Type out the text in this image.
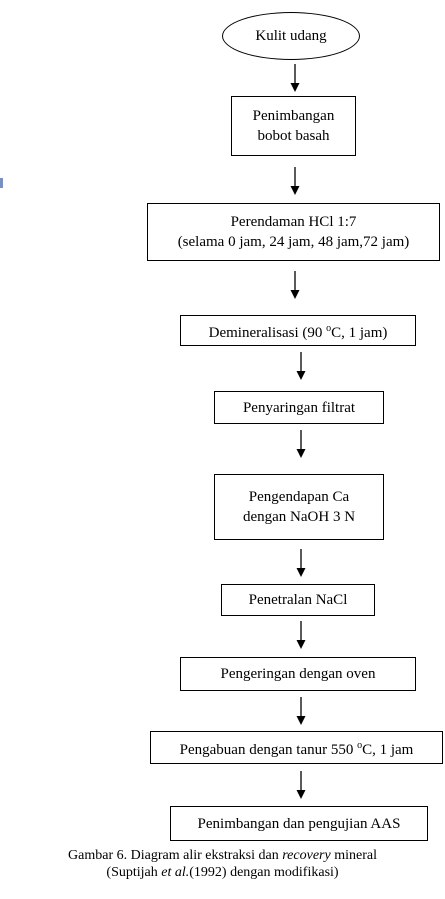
Kulit udang
Penimbangan
bobot basah
Perendaman HCl 1:7
(selama 0 jam, 24 jam, 48 jam,72 jam)
Demineralisasi (90 $^o$C, 1 jam)
Penyaringan filtrat
Pengendapan Ca
dengan NaOH 3 N
Penetralan NaCl
Pengeringan dengan oven
Pengabuan dengan tanur 550 $^o$C, 1 jam
Penimbangan dan pengujian AAS
Gambar 6. Diagram alir ekstraksi dan recovery mineral
(Suptijah et al.(1992) dengan modifikasi)
